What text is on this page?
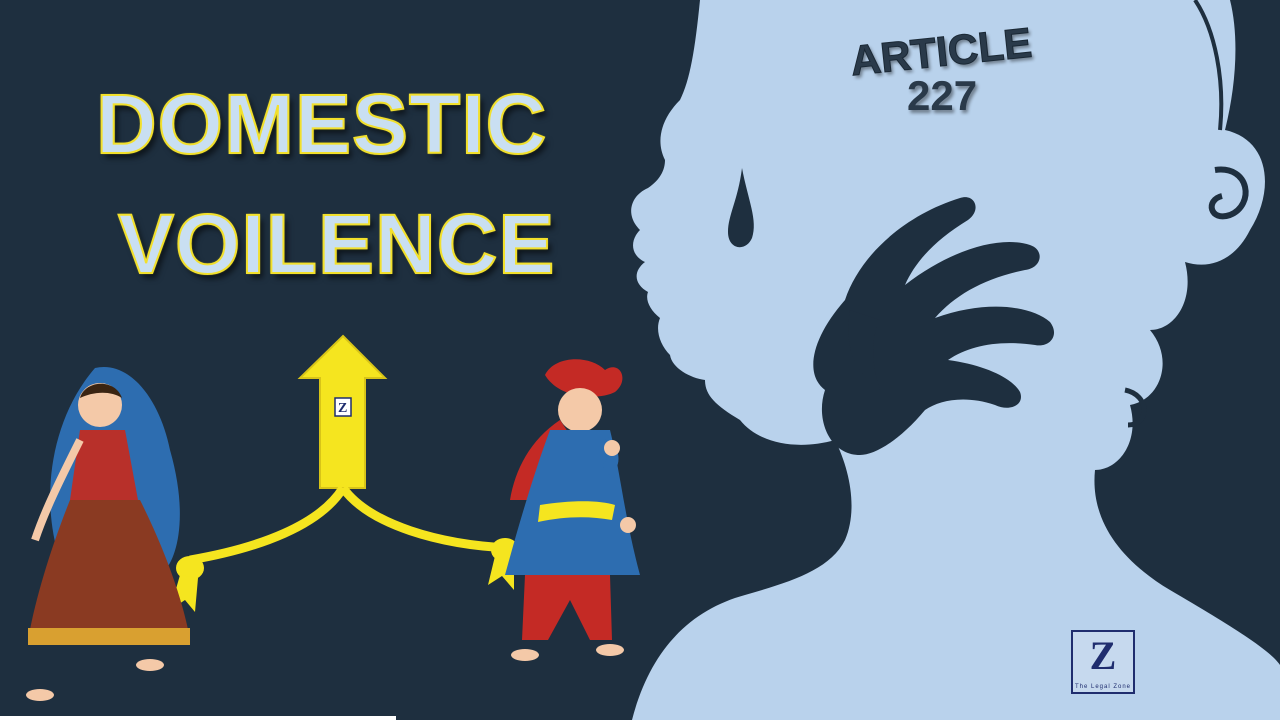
Z
DOMESTIC
VOILENCE
ARTICLE
227
Z
The Legal Zone
